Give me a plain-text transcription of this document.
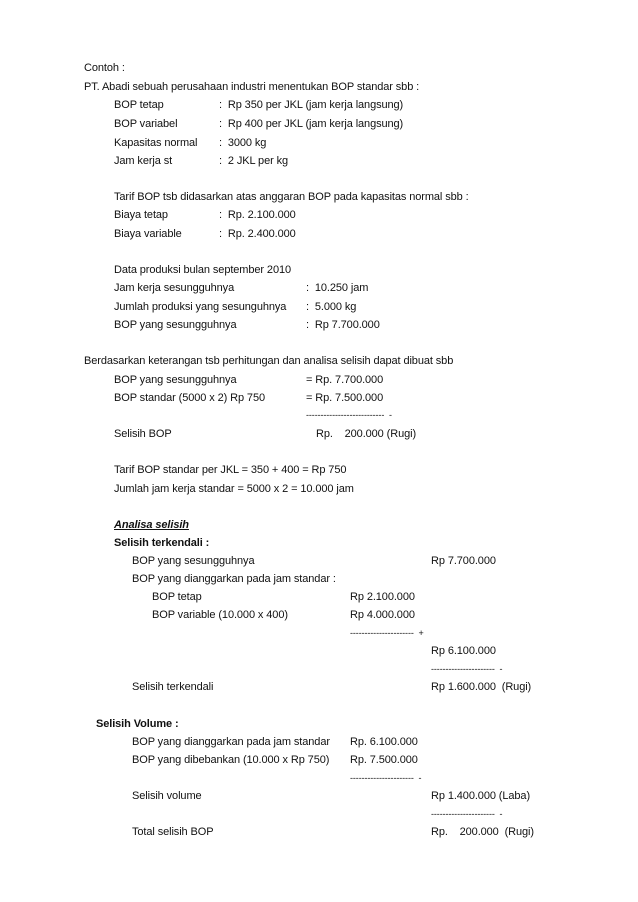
Contoh :
PT. Abadi sebuah perusahaan industri menentukan BOP standar sbb :
BOP tetap	:  Rp 350 per JKL (jam kerja langsung)
BOP variabel	:  Rp 400 per JKL (jam kerja langsung)
Kapasitas normal :  3000 kg
Jam kerja st	:  2 JKL per kg
Tarif BOP tsb didasarkan atas anggaran BOP pada kapasitas normal sbb :
Biaya tetap	:  Rp. 2.100.000
Biaya variable	:  Rp. 2.400.000
Data produksi bulan september 2010
Jam kerja sesungguhnya	:  10.250 jam
Jumlah produksi yang sesunguhnya :  5.000 kg
BOP yang sesungguhnya	:  Rp 7.700.000
Berdasarkan keterangan tsb perhitungan dan analisa selisih dapat dibuat sbb
BOP yang sesungguhnya	= Rp. 7.700.000
BOP standar (5000 x 2) Rp 750	= Rp. 7.500.000
---------------------------  -
Selisih BOP	Rp.    200.000 (Rugi)
Tarif BOP standar per JKL = 350 + 400 = Rp 750
Jumlah jam kerja standar = 5000 x 2 = 10.000 jam
Analisa selisih
Selisih terkendali :
BOP yang sesungguhnya	Rp 7.700.000
BOP yang dianggarkan pada jam standar :
BOP tetap	Rp 2.100.000
BOP variable (10.000 x 400)	Rp 4.000.000
----------------------  +
Rp 6.100.000
----------------------  -
Selisih terkendali	Rp 1.600.000  (Rugi)
Selisih Volume :
BOP yang dianggarkan pada jam standar Rp. 6.100.000
BOP yang dibebankan (10.000 x Rp 750) Rp. 7.500.000
----------------------  -
Selisih volume	Rp 1.400.000 (Laba)
----------------------  -
Total selisih BOP	Rp.    200.000  (Rugi)
